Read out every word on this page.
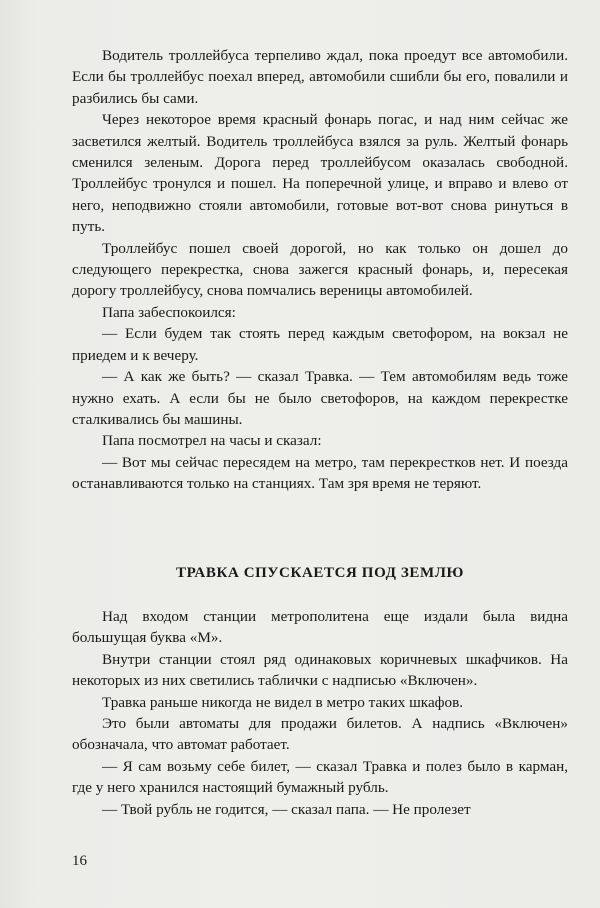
Водитель троллейбуса терпеливо ждал, пока проедут все автомобили. Если бы троллейбус поехал вперед, автомобили сшибли бы его, повалили и разбились бы сами.

Через некоторое время красный фонарь погас, и над ним сейчас же засветился желтый. Водитель троллейбуса взялся за руль. Желтый фонарь сменился зеленым. Дорога перед троллейбусом оказалась свободной. Троллейбус тронулся и пошел. На поперечной улице, и вправо и влево от него, неподвижно стояли автомобили, готовые вот-вот снова ринуться в путь.

Троллейбус пошел своей дорогой, но как только он дошел до следующего перекрестка, снова зажегся красный фонарь, и, пересекая дорогу троллейбусу, снова помчались вереницы автомобилей.

Папа забеспокоился:

— Если будем так стоять перед каждым светофором, на вокзал не приедем и к вечеру.

— А как же быть? — сказал Травка. — Тем автомобилям ведь тоже нужно ехать. А если бы не было светофоров, на каждом перекрестке сталкивались бы машины.

Папа посмотрел на часы и сказал:

— Вот мы сейчас пересядем на метро, там перекрестков нет. И поезда останавливаются только на станциях. Там зря время не теряют.

ТРАВКА СПУСКАЕТСЯ ПОД ЗЕМЛЮ

Над входом станции метрополитена еще издали была видна большущая буква «М».

Внутри станции стоял ряд одинаковых коричневых шкафчиков. На некоторых из них светились таблички с надписью «Включен».

Травка раньше никогда не видел в метро таких шкафов.

Это были автоматы для продажи билетов. А надпись «Включен» обозначала, что автомат работает.

— Я сам возьму себе билет, — сказал Травка и полез было в карман, где у него хранился настоящий бумажный рубль.

— Твой рубль не годится, — сказал папа. — Не пролезет

16
